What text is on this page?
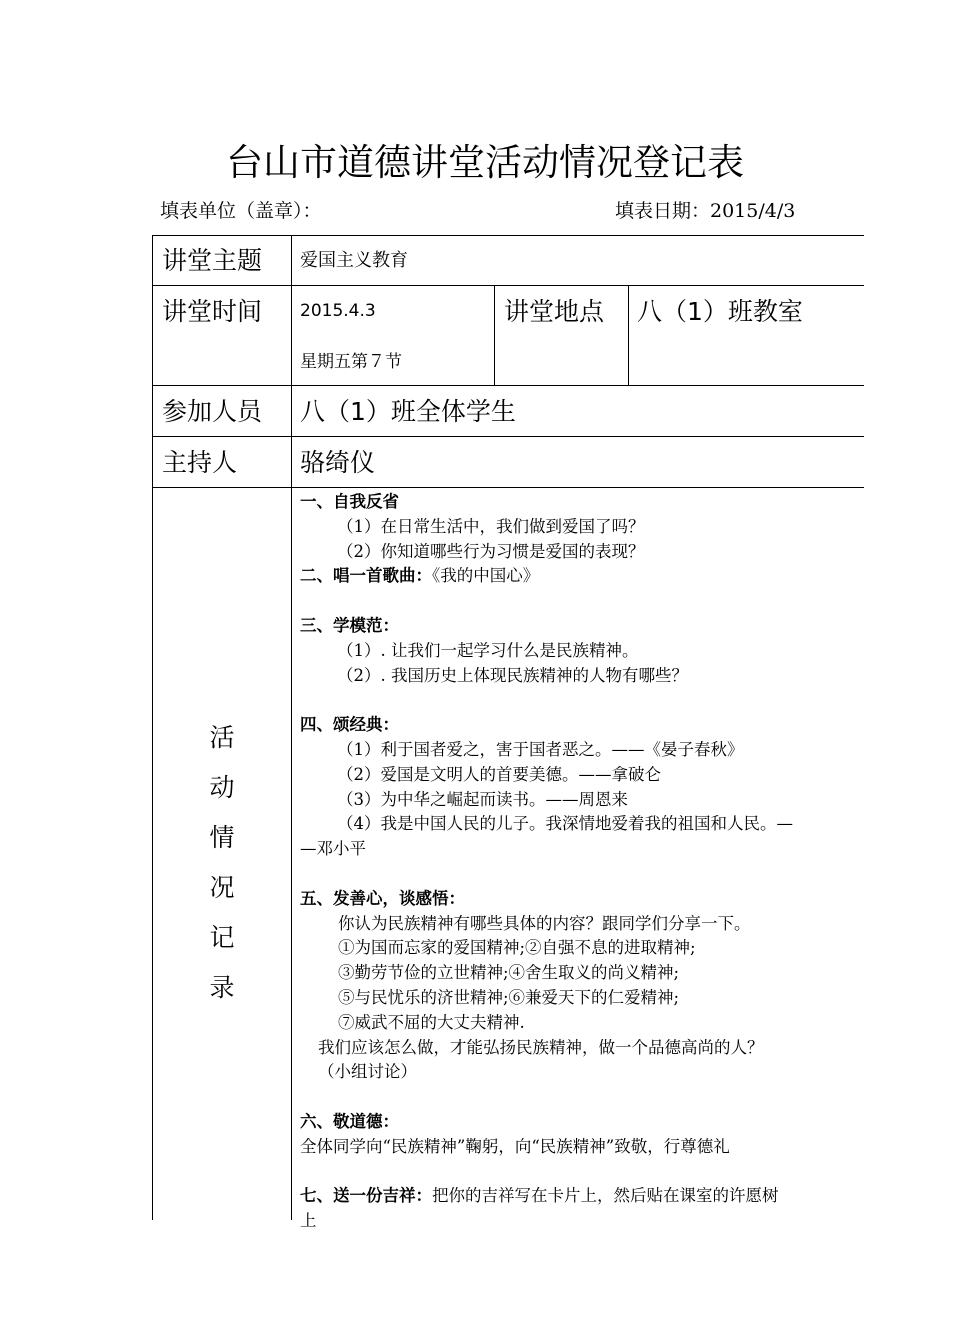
台山市道德讲堂活动情况登记表
填表单位（盖章）：	填表日期：2015/4/3
讲堂主题 爱国主义教育
讲堂时间 2015.4.3
星期五第７节
讲堂地点 八（1）班教室
参加人员 八（1）班全体学生
主持人	骆绮仪
活
动
情
况
记
录
一、自我反省
（1）在日常生活中，我们做到爱国了吗？
（2）你知道哪些行为习惯是爱国的表现？
二、唱一首歌曲：《我的中国心》
三、学模范：
（1）. 让我们一起学习什么是民族精神。
（2）. 我国历史上体现民族精神的人物有哪些？
四、颂经典：
（1）利于国者爱之，害于国者恶之。——《晏子春秋》
（2）爱国是文明人的首要美德。——拿破仑
（3）为中华之崛起而读书。——周恩来
（4）我是中国人民的儿子。我深情地爱着我的祖国和人民。—
—邓小平
五、发善心，谈感悟：
你认为民族精神有哪些具体的内容？跟同学们分享一下。
①为国而忘家的爱国精神;②自强不息的进取精神;
③勤劳节俭的立世精神;④舍生取义的尚义精神;
⑤与民忧乐的济世精神;⑥兼爱天下的仁爱精神;
⑦威武不屈的大丈夫精神.
我们应该怎么做，才能弘扬民族精神，做一个品德高尚的人？
（小组讨论）
六、敬道德：
全体同学向“民族精神”鞠躬，向“民族精神”致敬，行尊德礼
七、送一份吉祥：把你的吉祥写在卡片上，然后贴在课室的许愿树
上
